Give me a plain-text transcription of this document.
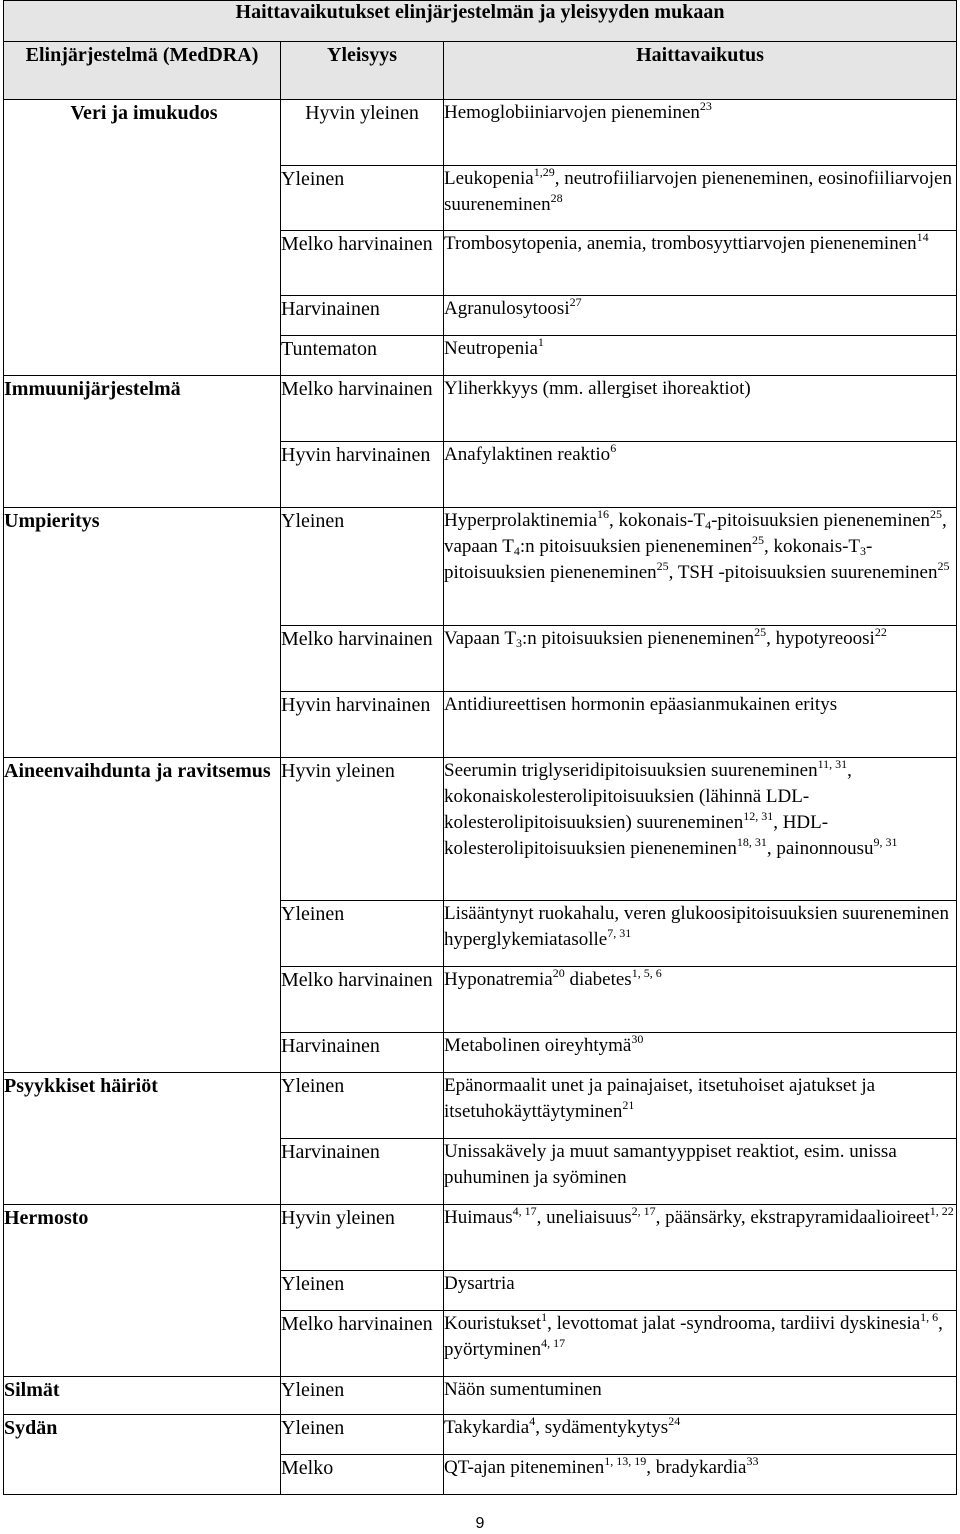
Haittavaikutukset elinjärjestelmän ja yleisyyden mukaan		
Elinjärjestelmä (MedDRA)	Yleisyys	Haittavaikutus
Veri ja imukudos	Hyvin yleinen	Hemoglobiiniarvojen pieneminen$^{23}$
	Yleinen	Leukopenia$^{1,29}$, neutrofiiliarvojen pieneneminen, eosinofiiliarvojen suureneminen$^{28}$
	Melko harvinainen	Trombosytopenia, anemia, trombosyyttiarvojen pieneneminen$^{14}$
	Harvinainen	Agranulosytoosi$^{27}$
	Tuntematon	Neutropenia$^1$
Immuunijärjestelmä	Melko harvinainen	Yliherkkyys (mm. allergiset ihoreaktiot)
	Hyvin harvinainen	Anafylaktinen reaktio$^6$
Umpieritys	Yleinen	Hyperprolaktinemia$^{16}$, kokonais-$T_4$-pitoisuuksien pieneneminen$^{25}$, vapaan $T_4:n$ pitoisuuksien pieneneminen$^{25}$, kokonais-$T_3$-pitoisuuksien pieneneminen$^{25}$, TSH -pitoisuuksien suureneminen$^{25}$
	Melko harvinainen	Vapaan $T_3:n$ pitoisuuksien pieneneminen$^{25}$, hypotyreoosi$^{22}$
	Hyvin harvinainen	Antidiureettisen hormonin epäasianmukainen eritys
Aineenvaihdunta ja ravitsemus	Hyvin yleinen	Seerumin triglyseridipitoisuuksien suureneminen$^{11, 31}$, kokonaiskolesterolipitoisuuksien (lähinnä LDL-kolesterolipitoisuuksien) suureneminen$^{12, 31}$, HDL-kolesterolipitoisuuksien pieneneminen$^{18, 31}$, painonnousu$^{9, 31}$
	Yleinen	Lisääntynyt ruokahalu, veren glukoosipitoisuuksien suureneminen hyperglykemiatasolle$^{7, 31}$
	Melko harvinainen	Hyponatremia$^{20}$ diabetes$^{1, 5, 6}$
	Harvinainen	Metabolinen oireyhtymä$^{30}$
Psyykkiset häiriöt	Yleinen	Epänormaalit unet ja painajaiset, itsetuhoiset ajatukset ja itsetuhokäyttäytyminen$^{21}$
	Harvinainen	Unissakävely ja muut samantyyppiset reaktiot, esim. unissa puhuminen ja syöminen
Hermosto	Hyvin yleinen	Huimaus$^{4, 17}$, uneliaisuus$^{2, 17}$, päänsärky, ekstrapyramidaalioireet$^{1, 22}$
	Yleinen	Dysartria
	Melko harvinainen	Kouristukset$^1$, levottomat jalat -syndrooma, tardiivi dyskinesia$^{1, 6}$, pyörtyminen$^{4, 17}$
Silmät	Yleinen	Näön sumentuminen
Sydän	Yleinen	Takykardia$^4$, sydämentykytys$^{24}$
	Melko	QT-ajan piteneminen$^{1, 13, 19}$, bradykardia$^{33}$
9
